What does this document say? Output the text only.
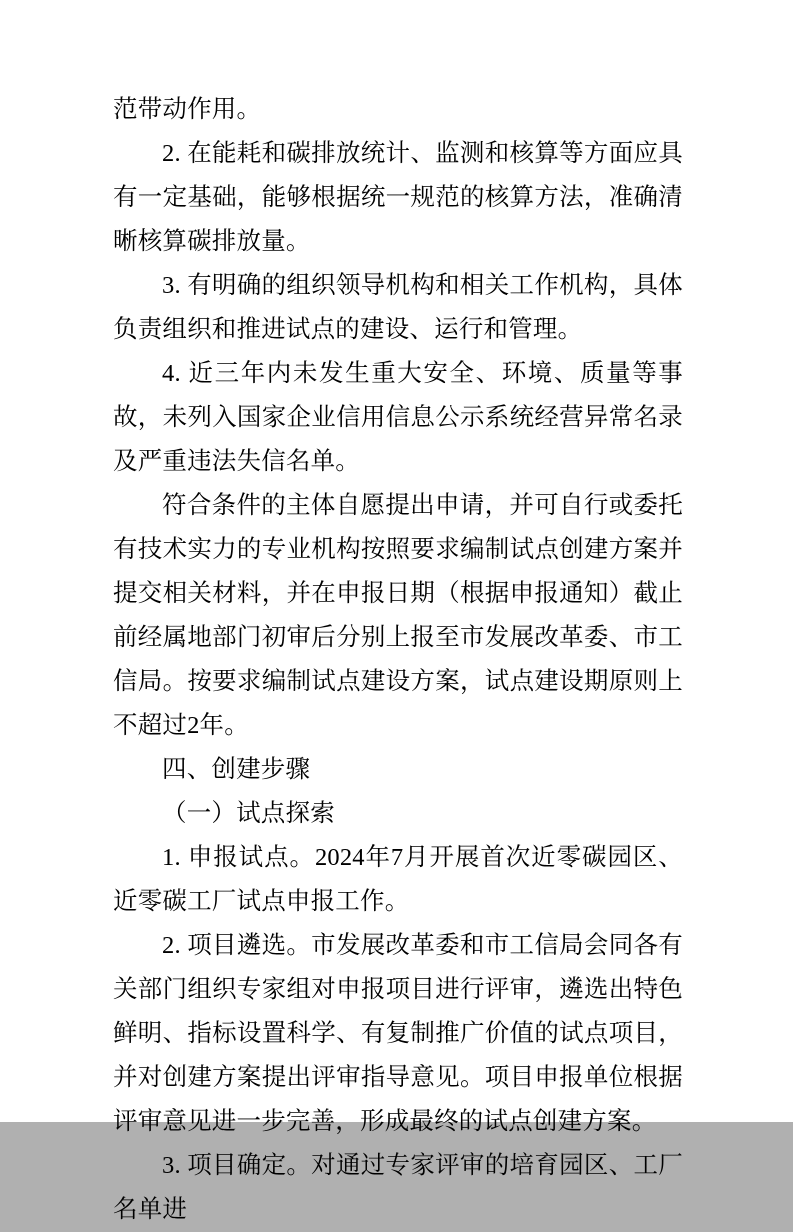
范带动作用。

2. 在能耗和碳排放统计、监测和核算等方面应具有一定基础，能够根据统一规范的核算方法，准确清晰核算碳排放量。

3. 有明确的组织领导机构和相关工作机构，具体负责组织和推进试点的建设、运行和管理。

4. 近三年内未发生重大安全、环境、质量等事故，未列入国家企业信用信息公示系统经营异常名录及严重违法失信名单。

符合条件的主体自愿提出申请，并可自行或委托有技术实力的专业机构按照要求编制试点创建方案并提交相关材料，并在申报日期（根据申报通知）截止前经属地部门初审后分别上报至市发展改革委、市工信局。按要求编制试点建设方案，试点建设期原则上不超过2年。

四、创建步骤

（一）试点探索

1. 申报试点。2024年7月开展首次近零碳园区、近零碳工厂试点申报工作。

2. 项目遴选。市发展改革委和市工信局会同各有关部门组织专家组对申报项目进行评审，遴选出特色鲜明、指标设置科学、有复制推广价值的试点项目，并对创建方案提出评审指导意见。项目申报单位根据评审意见进一步完善，形成最终的试点创建方案。

3. 项目确定。对通过专家评审的培育园区、工厂名单进
